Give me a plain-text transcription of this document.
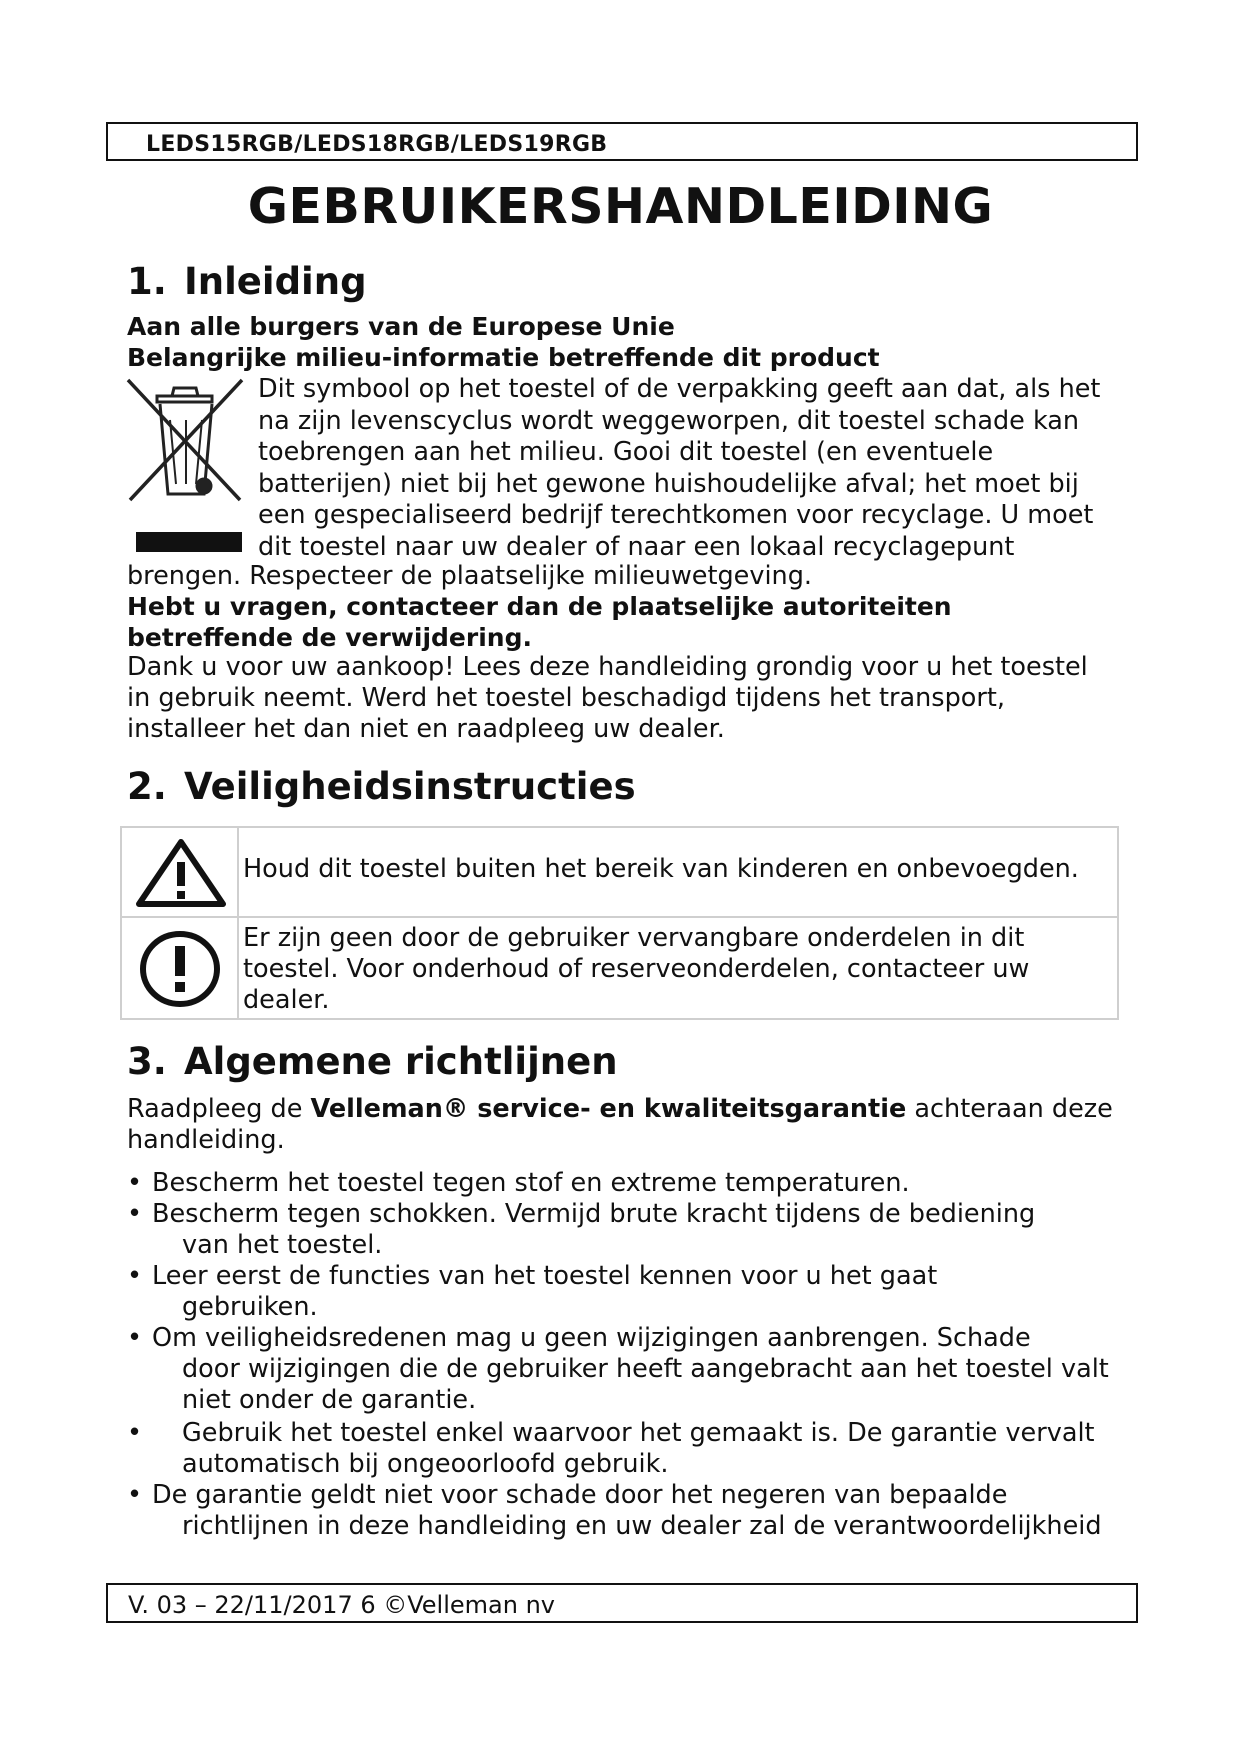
LEDS15RGB/LEDS18RGB/LEDS19RGB
GEBRUIKERSHANDLEIDING
1. Inleiding
Aan alle burgers van de Europese Unie
Belangrijke milieu-informatie betreffende dit product
Dit symbool op het toestel of de verpakking geeft aan dat, als het
na zijn levenscyclus wordt weggeworpen, dit toestel schade kan
toebrengen aan het milieu. Gooi dit toestel (en eventuele
batterijen) niet bij het gewone huishoudelijke afval; het moet bij
een gespecialiseerd bedrijf terechtkomen voor recyclage. U moet
dit toestel naar uw dealer of naar een lokaal recyclagepunt
brengen. Respecteer de plaatselijke milieuwetgeving.
Hebt u vragen, contacteer dan de plaatselijke autoriteiten
betreffende de verwijdering.
Dank u voor uw aankoop! Lees deze handleiding grondig voor u het toestel
in gebruik neemt. Werd het toestel beschadigd tijdens het transport,
installeer het dan niet en raadpleeg uw dealer.
2. Veiligheidsinstructies
Houd dit toestel buiten het bereik van kinderen en onbevoegden.
Er zijn geen door de gebruiker vervangbare onderdelen in dit
toestel. Voor onderhoud of reserveonderdelen, contacteer uw
dealer.
3. Algemene richtlijnen
Raadpleeg de Velleman® service- en kwaliteitsgarantie achteraan deze
handleiding.
• Bescherm het toestel tegen stof en extreme temperaturen.
• Bescherm tegen schokken. Vermijd brute kracht tijdens de bediening
van het toestel.
• Leer eerst de functies van het toestel kennen voor u het gaat
gebruiken.
• Om veiligheidsredenen mag u geen wijzigingen aanbrengen. Schade
door wijzigingen die de gebruiker heeft aangebracht aan het toestel valt
niet onder de garantie.
• Gebruik het toestel enkel waarvoor het gemaakt is. De garantie vervalt
automatisch bij ongeoorloofd gebruik.
• De garantie geldt niet voor schade door het negeren van bepaalde
richtlijnen in deze handleiding en uw dealer zal de verantwoordelijkheid
V. 03 – 22/11/2017 6 ©Velleman nv
